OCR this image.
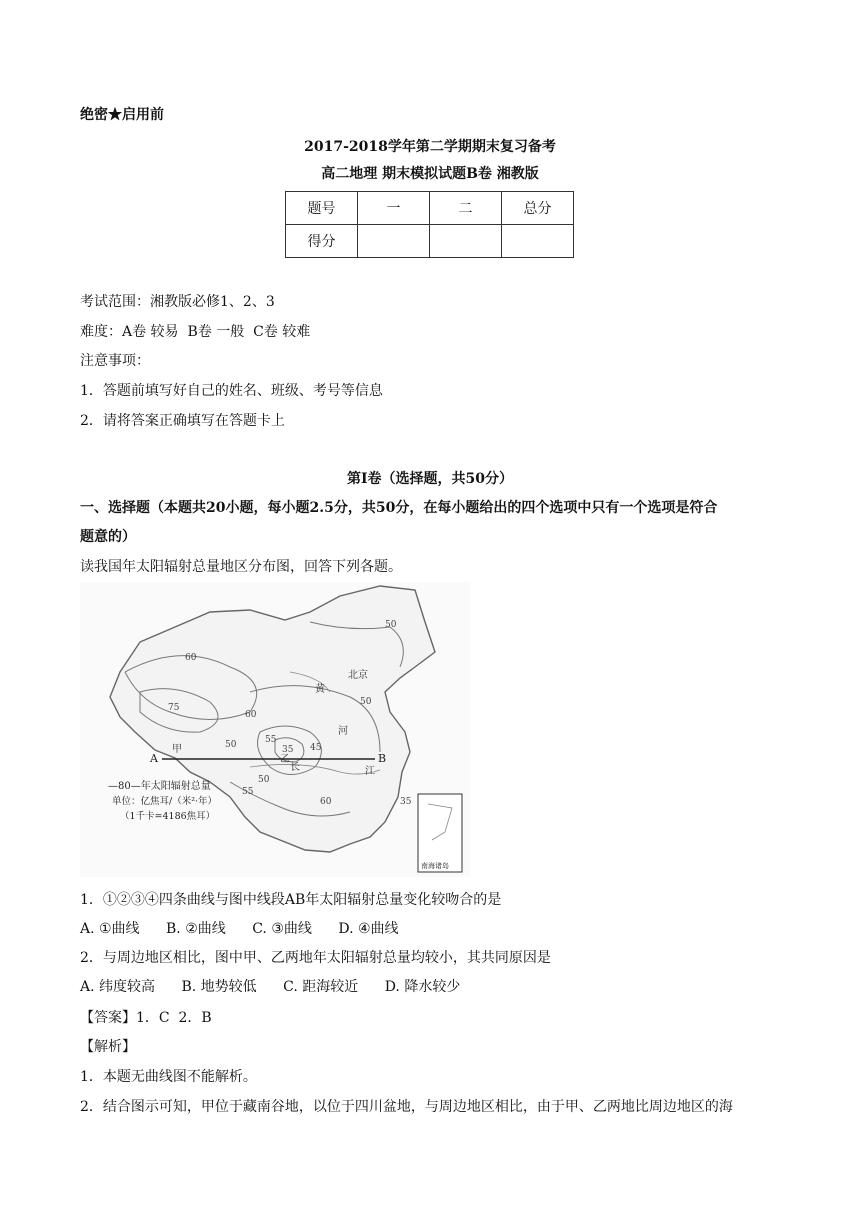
绝密★启用前
2017-2018学年第二学期期末复习备考
高二地理 期末模拟试题B卷 湘教版
题号	一	二	总分
得分			
考试范围：湘教版必修1、2、3
难度：A卷 较易  B卷 一般  C卷 较难
注意事项：
1．答题前填写好自己的姓名、班级、考号等信息
2．请将答案正确填写在答题卡上
第I卷（选择题，共50分）
一、选择题（本题共20小题，每小题2.5分，共50分，在每小题给出的四个选项中只有一个选项是符合
题意的）
读我国年太阳辐射总量地区分布图，回答下列各题。
A	B
甲
乙
北京
河
长	江
黄
50
60
75
60
50	55
35 45
50
55
60
50
35
—80—年太阳辐射总量
单位：亿焦耳/（米²·年）
（1千卡=4186焦耳）
南海诸岛
1．①②③④四条曲线与图中线段AB年太阳辐射总量变化较吻合的是
A. ①曲线 B. ②曲线 C. ③曲线 D. ④曲线
2．与周边地区相比，图中甲、乙两地年太阳辐射总量均较小，其共同原因是
A. 纬度较高 B. 地势较低 C. 距海较近 D. 降水较少
【答案】1．C  2．B
【解析】
1．本题无曲线图不能解析。
2．结合图示可知，甲位于藏南谷地，以位于四川盆地，与周边地区相比，由于甲、乙两地比周边地区的海
